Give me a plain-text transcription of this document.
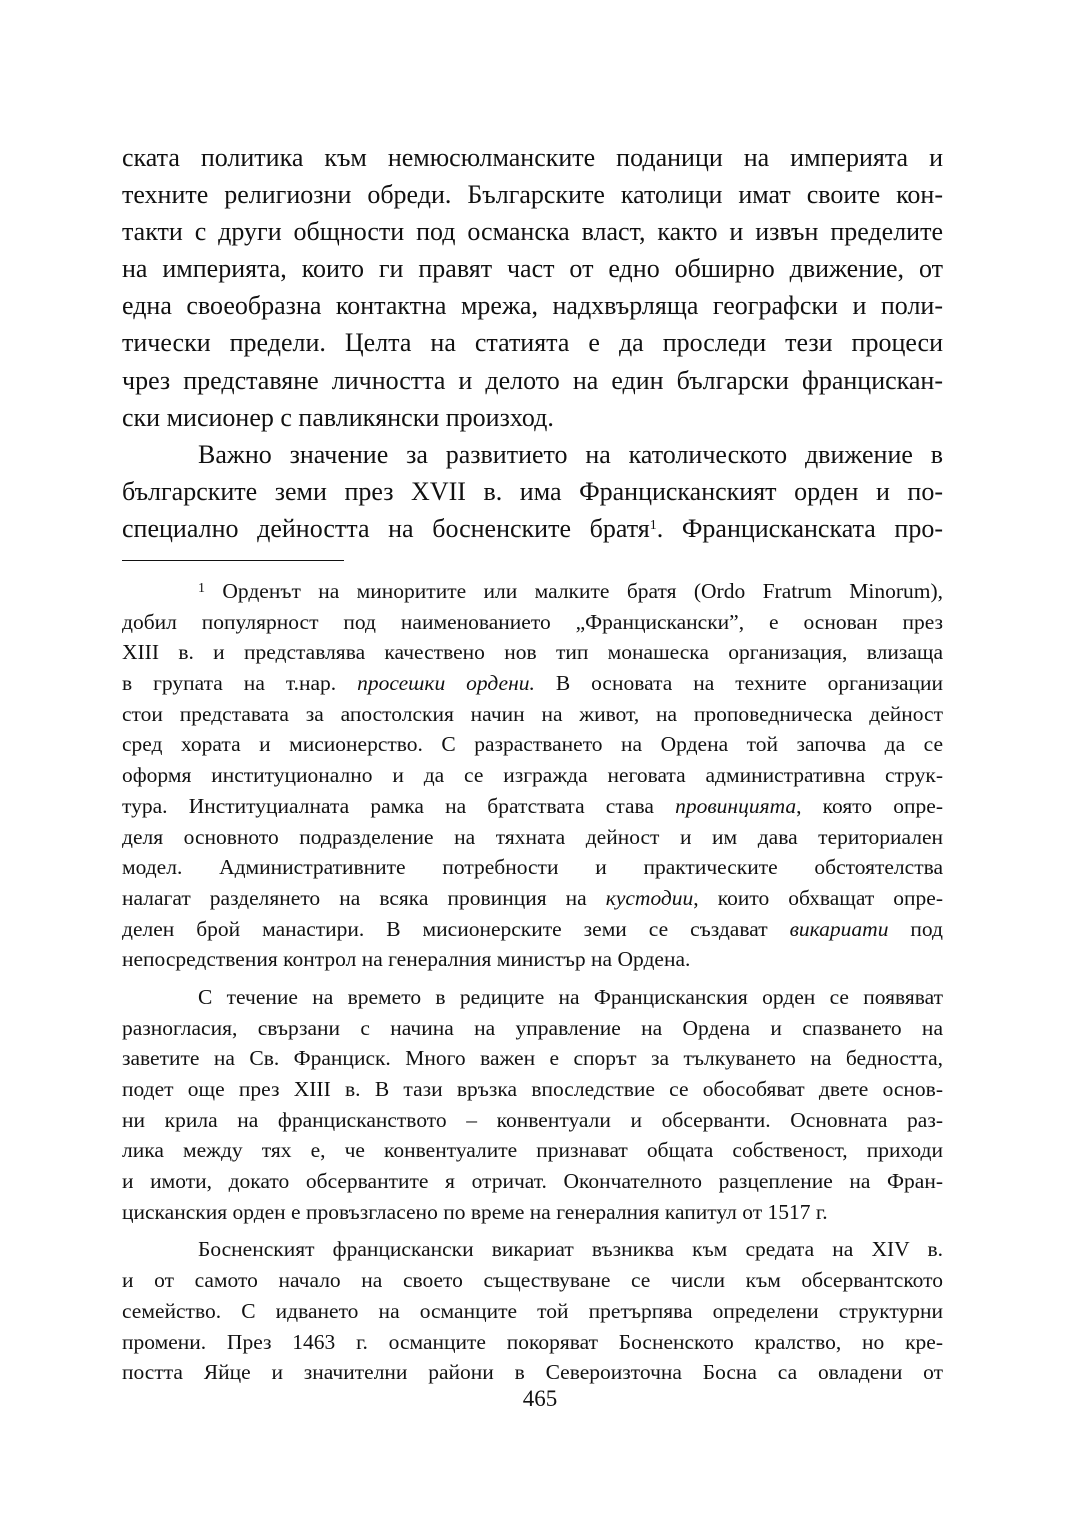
ската политика към немюсюлманските поданици на империята и
техните религиозни обреди. Българските католици имат своите кон-
такти с други общности под османска власт, както и извън пределите
на империята, които ги правят част от едно обширно движение, от
една своеобразна контактна мрежа, надхвърляща географски и поли-
тически предели. Целта на статията е да проследи тези процеси
чрез представяне личността и делото на един български францискан-
ски мисионер с павликянски произход.
Важно значение за развитието на католическото движение в
българските земи през XVII в. има Францисканският орден и по-
специално дейността на босненските братя$^1$. Францисканската про-
$^1$ Орденът на миноритите или малките братя (Ordo Fratrum Minorum),
добил популярност под наименованието „Францискански”, е основан през
XIII в. и представлява качествено нов тип монашеска организация, влизаща
в групата на т.нар. просешки ордени. В основата на техните организации
стои представата за апостолския начин на живот, на проповедническа дейност
сред хората и мисионерство. С разрастването на Ордена той започва да се
оформя институционално и да се изгражда неговата административна струк-
тура. Институциалната рамка на братствата става провинцията, която опре-
деля основното подразделение на тяхната дейност и им дава териториален
модел. Административните потребности и практическите обстоятелства
налагат разделянето на всяка провинция на кустодии, които обхващат опре-
делен брой манастири. В мисионерските земи се създават викариати под
непосредствения контрол на генералния министър на Ордена.
С течение на времето в редиците на Францисканския орден се появяват
разногласия, свързани с начина на управление на Ордена и спазването на
заветите на Св. Франциск. Много важен е спорът за тълкуването на бедността,
подет още през XIII в. В тази връзка впоследствие се обособяват двете основ-
ни крила на францисканството – конвентуали и обсерванти. Основната раз-
лика между тях е, че конвентуалите признават общата собственост, приходи
и имоти, докато обсервантите я отричат. Окончателното разцепление на Фран-
цисканския орден е провъзгласено по време на генералния капитул от 1517 г.
Босненският францискански викариат възниква към средата на XIV в.
и от самото начало на своето съществуване се числи към обсервантското
семейство. С идването на османците той претърпява определени структурни
промени. През 1463 г. османците покоряват Босненското кралство, но кре-
постта Яйце и значителни райони в Североизточна Босна са овладени от
465
